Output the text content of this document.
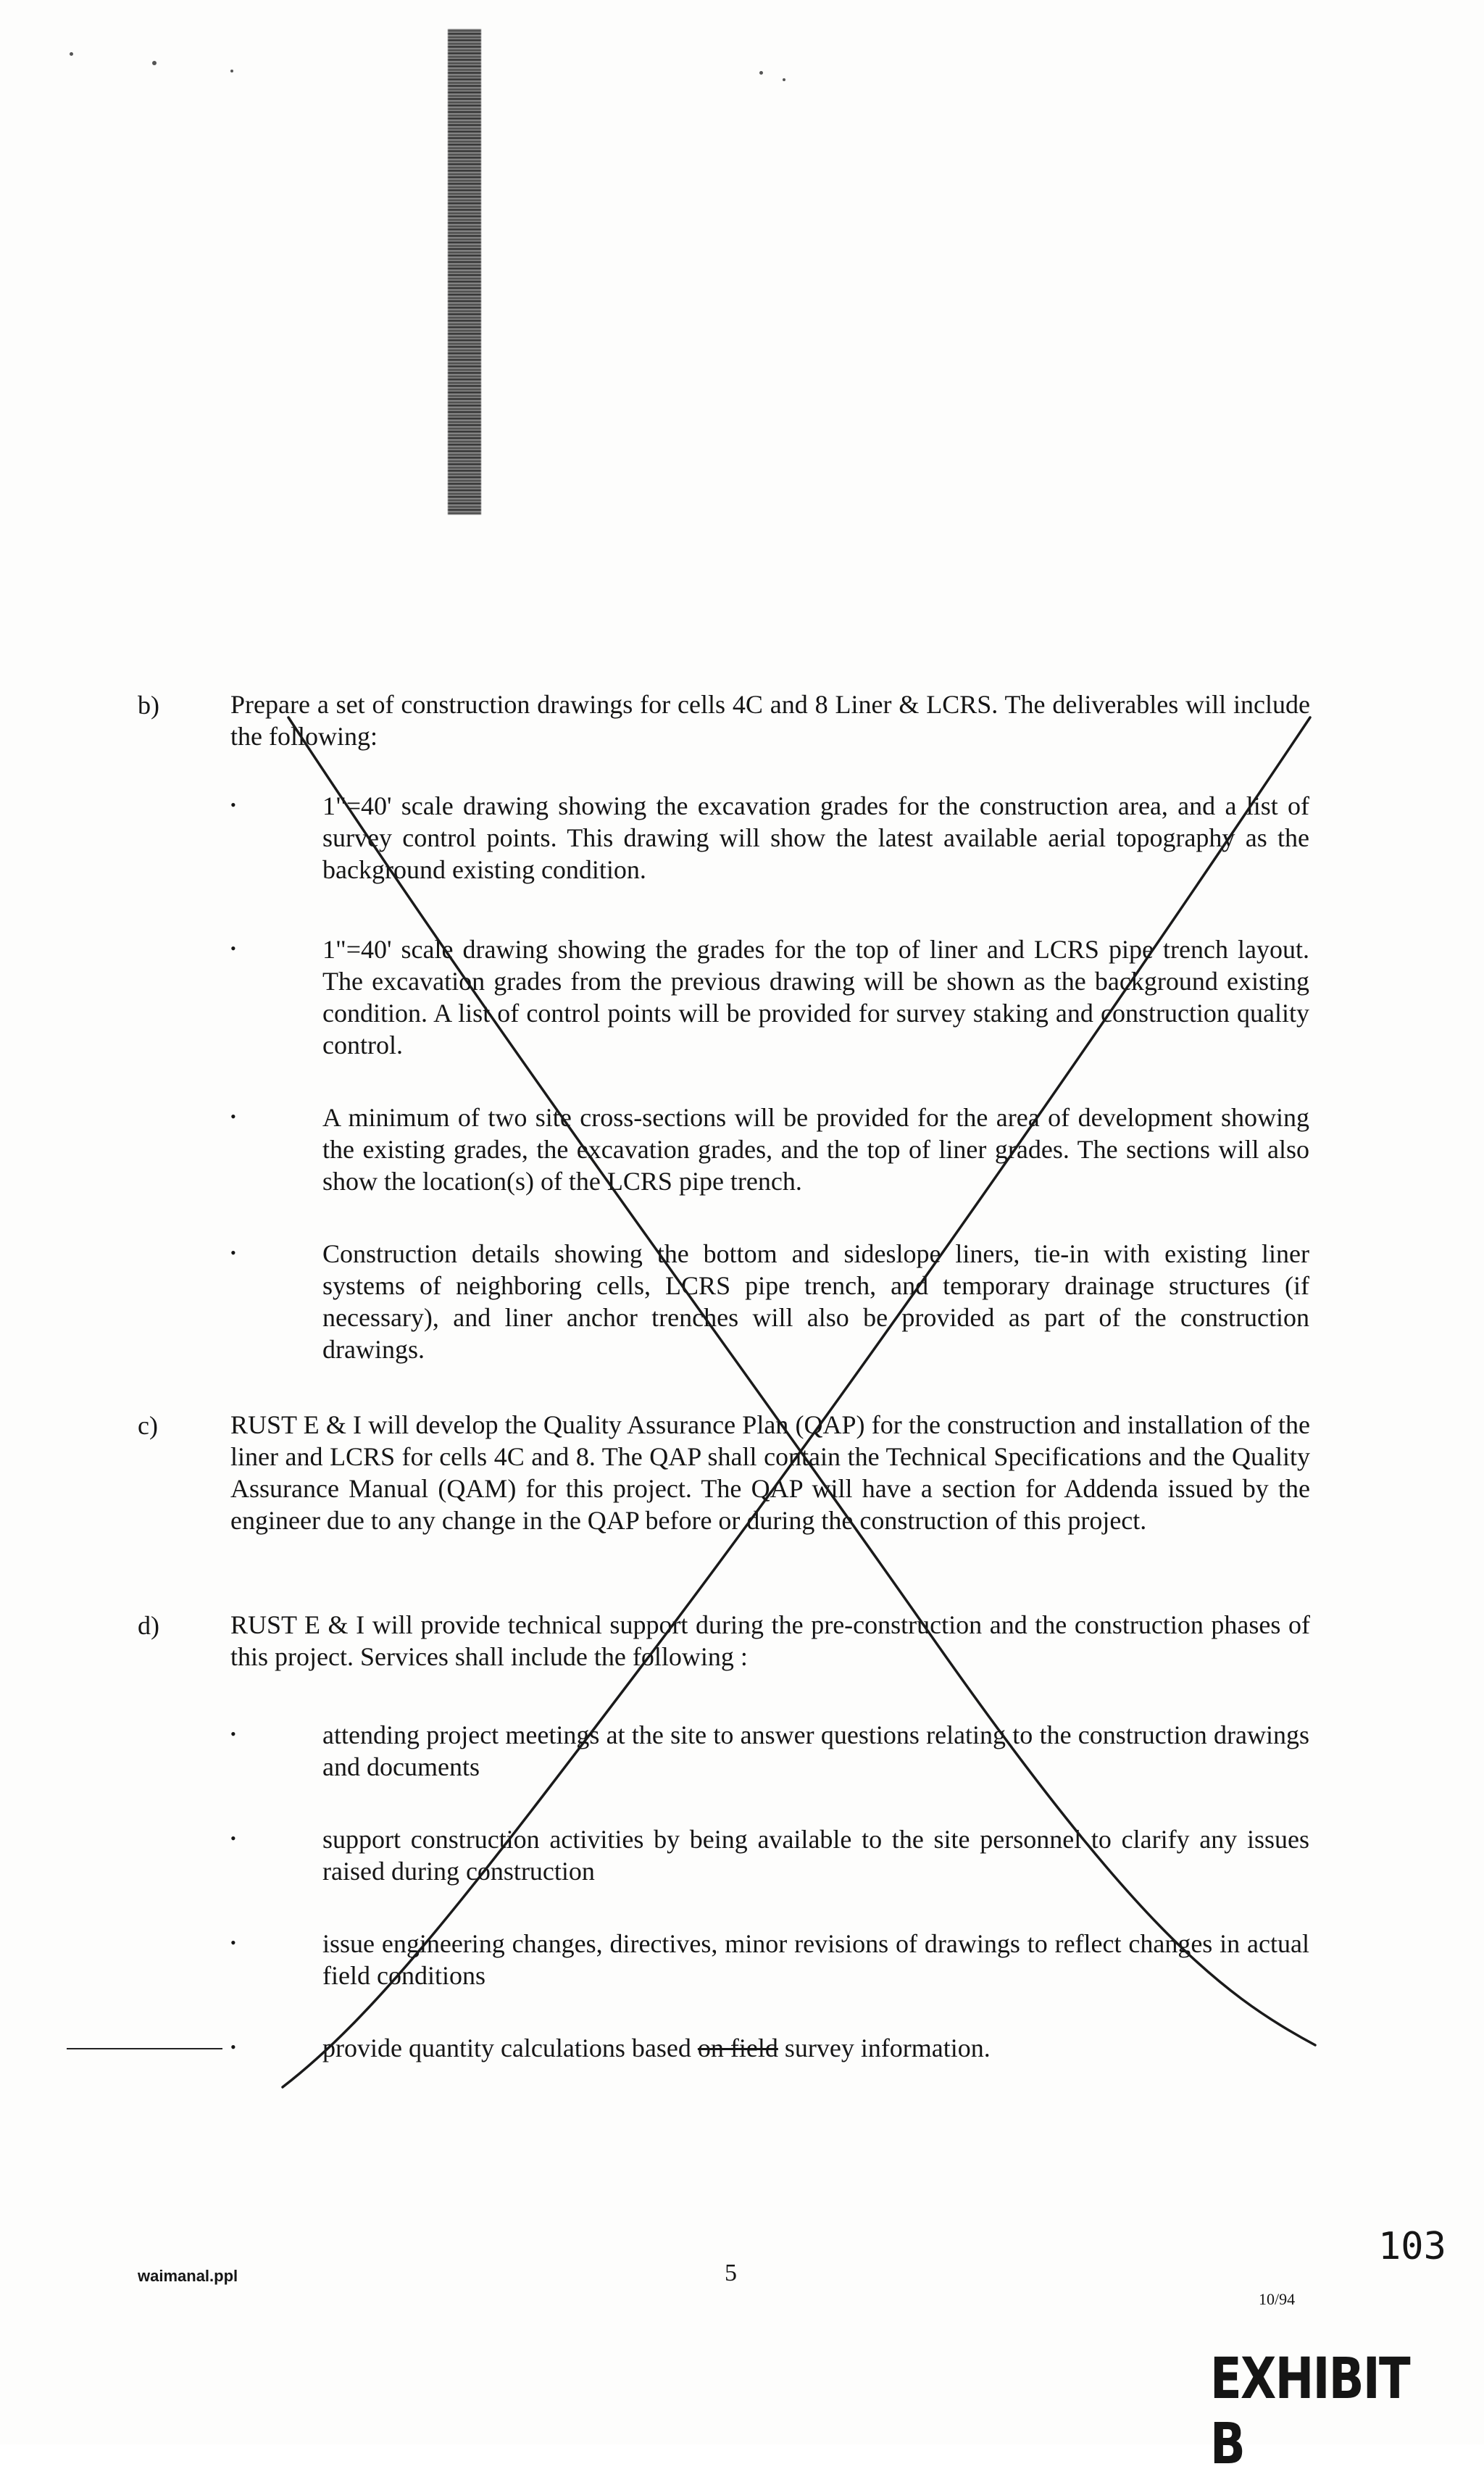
b)	Prepare a set of construction drawings for cells 4C and 8 Liner & LCRS. The deliverables will include the following:
•	1"=40' scale drawing showing the excavation grades for the construction area, and a list of survey control points. This drawing will show the latest available aerial topography as the background existing condition.
•	1"=40' scale drawing showing the grades for the top of liner and LCRS pipe trench layout. The excavation grades from the previous drawing will be shown as the background existing condition. A list of control points will be provided for survey staking and construction quality control.
•	A minimum of two site cross-sections will be provided for the area of development showing the existing grades, the excavation grades, and the top of liner grades. The sections will also show the location(s) of the LCRS pipe trench.
•	Construction details showing the bottom and sideslope liners, tie-in with existing liner systems of neighboring cells, LCRS pipe trench, and temporary drainage structures (if necessary), and liner anchor trenches will also be provided as part of the construction drawings.
c)	RUST E & I will develop the Quality Assurance Plan (QAP) for the construction and installation of the liner and LCRS for cells 4C and 8. The QAP shall contain the Technical Specifications and the Quality Assurance Manual (QAM) for this project. The QAP will have a section for Addenda issued by the engineer due to any change in the QAP before or during the construction of this project.
d)	RUST E & I will provide technical support during the pre-construction and the construction phases of this project. Services shall include the following :
•	attending project meetings at the site to answer questions relating to the construction drawings and documents
•	support construction activities by being available to the site personnel to clarify any issues raised during construction
•	issue engineering changes, directives, minor revisions of drawings to reflect changes in actual field conditions
•	provide quantity calculations based on field survey information.
waimanal.ppl	5
10/94
103
EXHIBIT B
